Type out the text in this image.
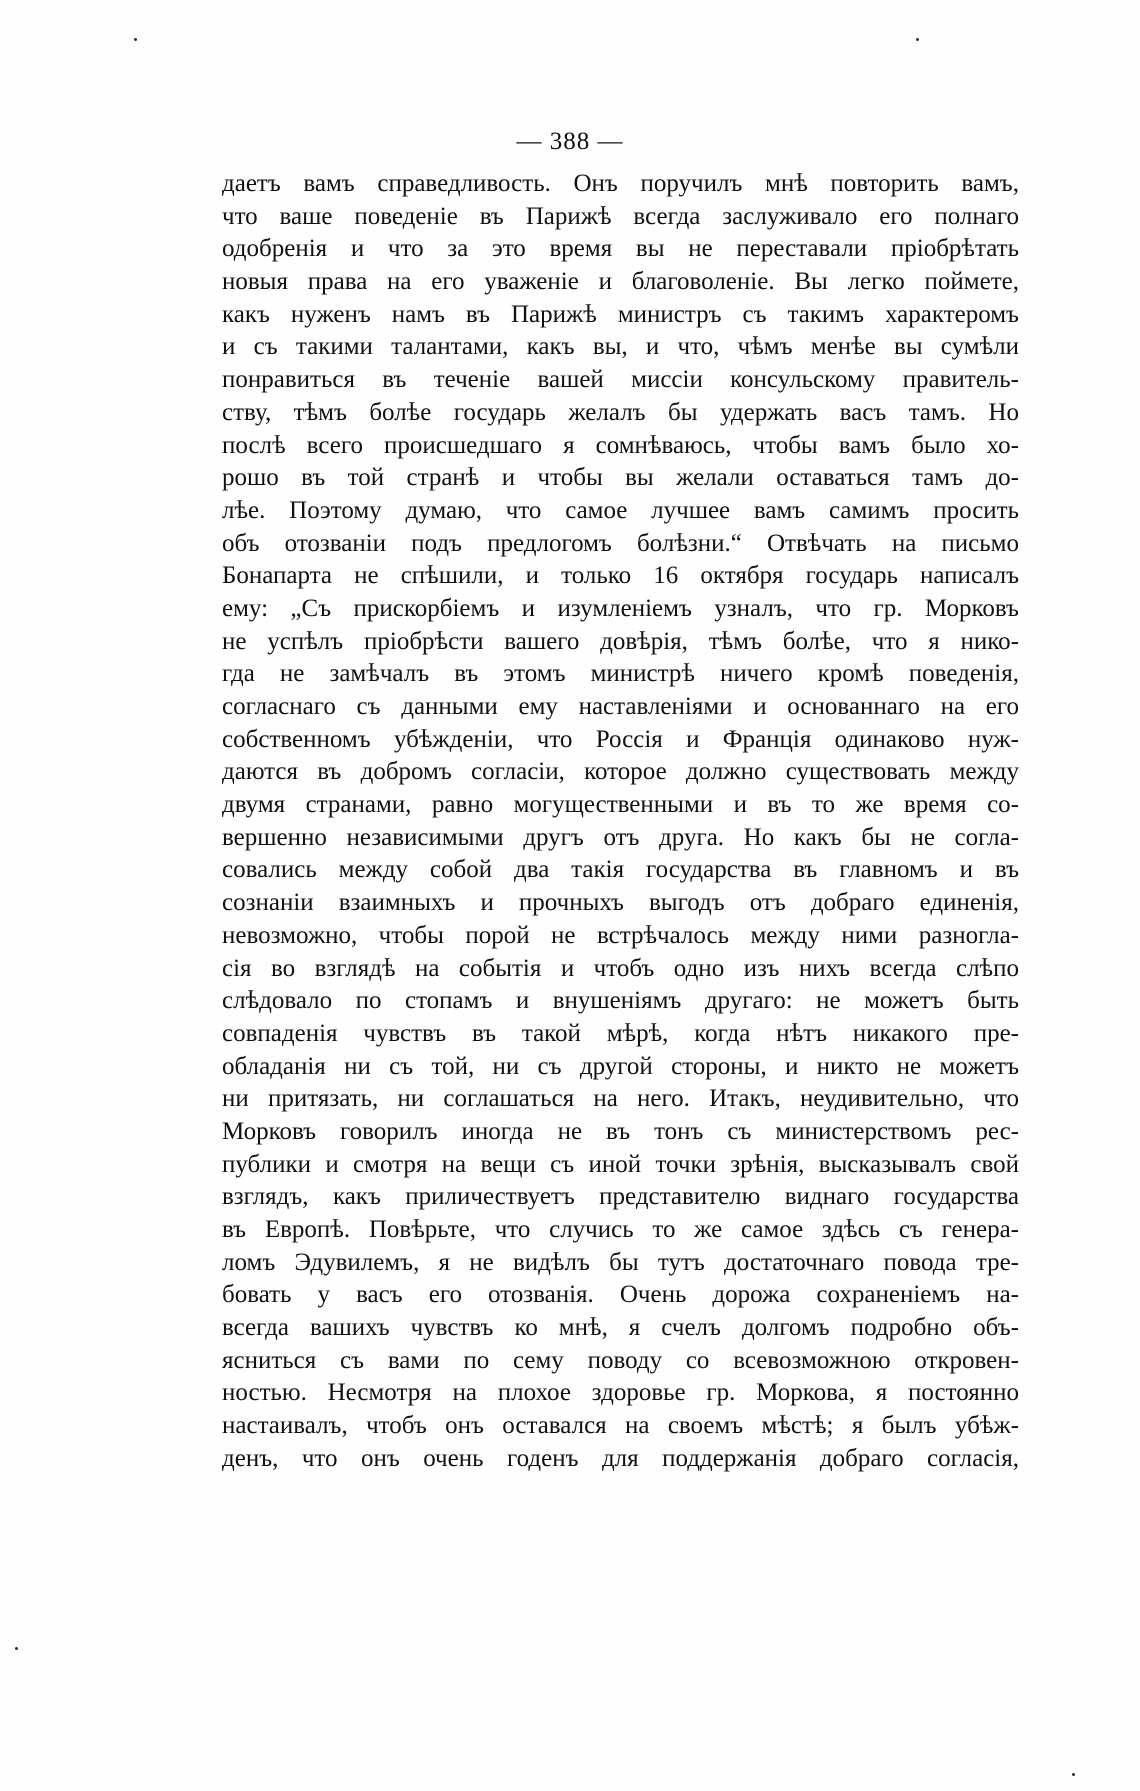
— 388 —
даетъ вамъ справедливость. Онъ поручилъ мнѣ повторить вамъ,
что ваше поведеніе въ Парижѣ всегда заслуживало его полнаго
одобренія и что за это время вы не переставали пріобрѣтать
новыя права на его уваженіе и благоволеніе. Вы легко поймете,
какъ нуженъ намъ въ Парижѣ министръ съ такимъ характеромъ
и съ такими талантами, какъ вы, и что, чѣмъ менѣе вы сумѣли
понравиться въ теченіе вашей миссіи консульскому правитель-
ству, тѣмъ болѣе государь желалъ бы удержать васъ тамъ. Но
послѣ всего происшедшаго я сомнѣваюсь, чтобы вамъ было хо-
рошо въ той странѣ и чтобы вы желали оставаться тамъ до-
лѣе. Поэтому думаю, что самое лучшее вамъ самимъ просить
объ отозваніи подъ предлогомъ болѣзни.“ Отвѣчать на письмо
Бонапарта не спѣшили, и только 16 октября государь написалъ
ему: „Съ прискорбіемъ и изумленіемъ узналъ, что гр. Морковъ
не успѣлъ пріобрѣсти вашего довѣрія, тѣмъ болѣе, что я нико-
гда не замѣчалъ въ этомъ министрѣ ничего кромѣ поведенія,
согласнаго съ данными ему наставленіями и основаннаго на его
собственномъ убѣжденіи, что Россія и Франція одинаково нуж-
даются въ добромъ согласіи, которое должно существовать между
двумя странами, равно могущественными и въ то же время со-
вершенно независимыми другъ отъ друга. Но какъ бы не согла-
совались между собой два такія государства въ главномъ и въ
сознаніи взаимныхъ и прочныхъ выгодъ отъ добраго единенія,
невозможно, чтобы порой не встрѣчалось между ними разногла-
сія во взглядѣ на событія и чтобъ одно изъ нихъ всегда слѣпо
слѣдовало по стопамъ и внушеніямъ другаго: не можетъ быть
совпаденія чувствъ въ такой мѣрѣ, когда нѣтъ никакого пре-
обладанія ни съ той, ни съ другой стороны, и никто не можетъ
ни притязать, ни соглашаться на него. Итакъ, неудивительно, что
Морковъ говорилъ иногда не въ тонъ съ министерствомъ рес-
публики и смотря на вещи съ иной точки зрѣнія, высказывалъ свой
взглядъ, какъ приличествуетъ представителю виднаго государства
въ Европѣ. Повѣрьте, что случись то же самое здѣсь съ генера-
ломъ Эдувилемъ, я не видѣлъ бы тутъ достаточнаго повода тре-
бовать у васъ его отозванія. Очень дорожа сохраненіемъ на-
всегда вашихъ чувствъ ко мнѣ, я счелъ долгомъ подробно объ-
ясниться съ вами по сему поводу со всевозможною откровен-
ностью. Несмотря на плохое здоровье гр. Моркова, я постоянно
настаивалъ, чтобъ онъ оставался на своемъ мѣстѣ; я былъ убѣж-
денъ, что онъ очень годенъ для поддержанія добраго согласія,
